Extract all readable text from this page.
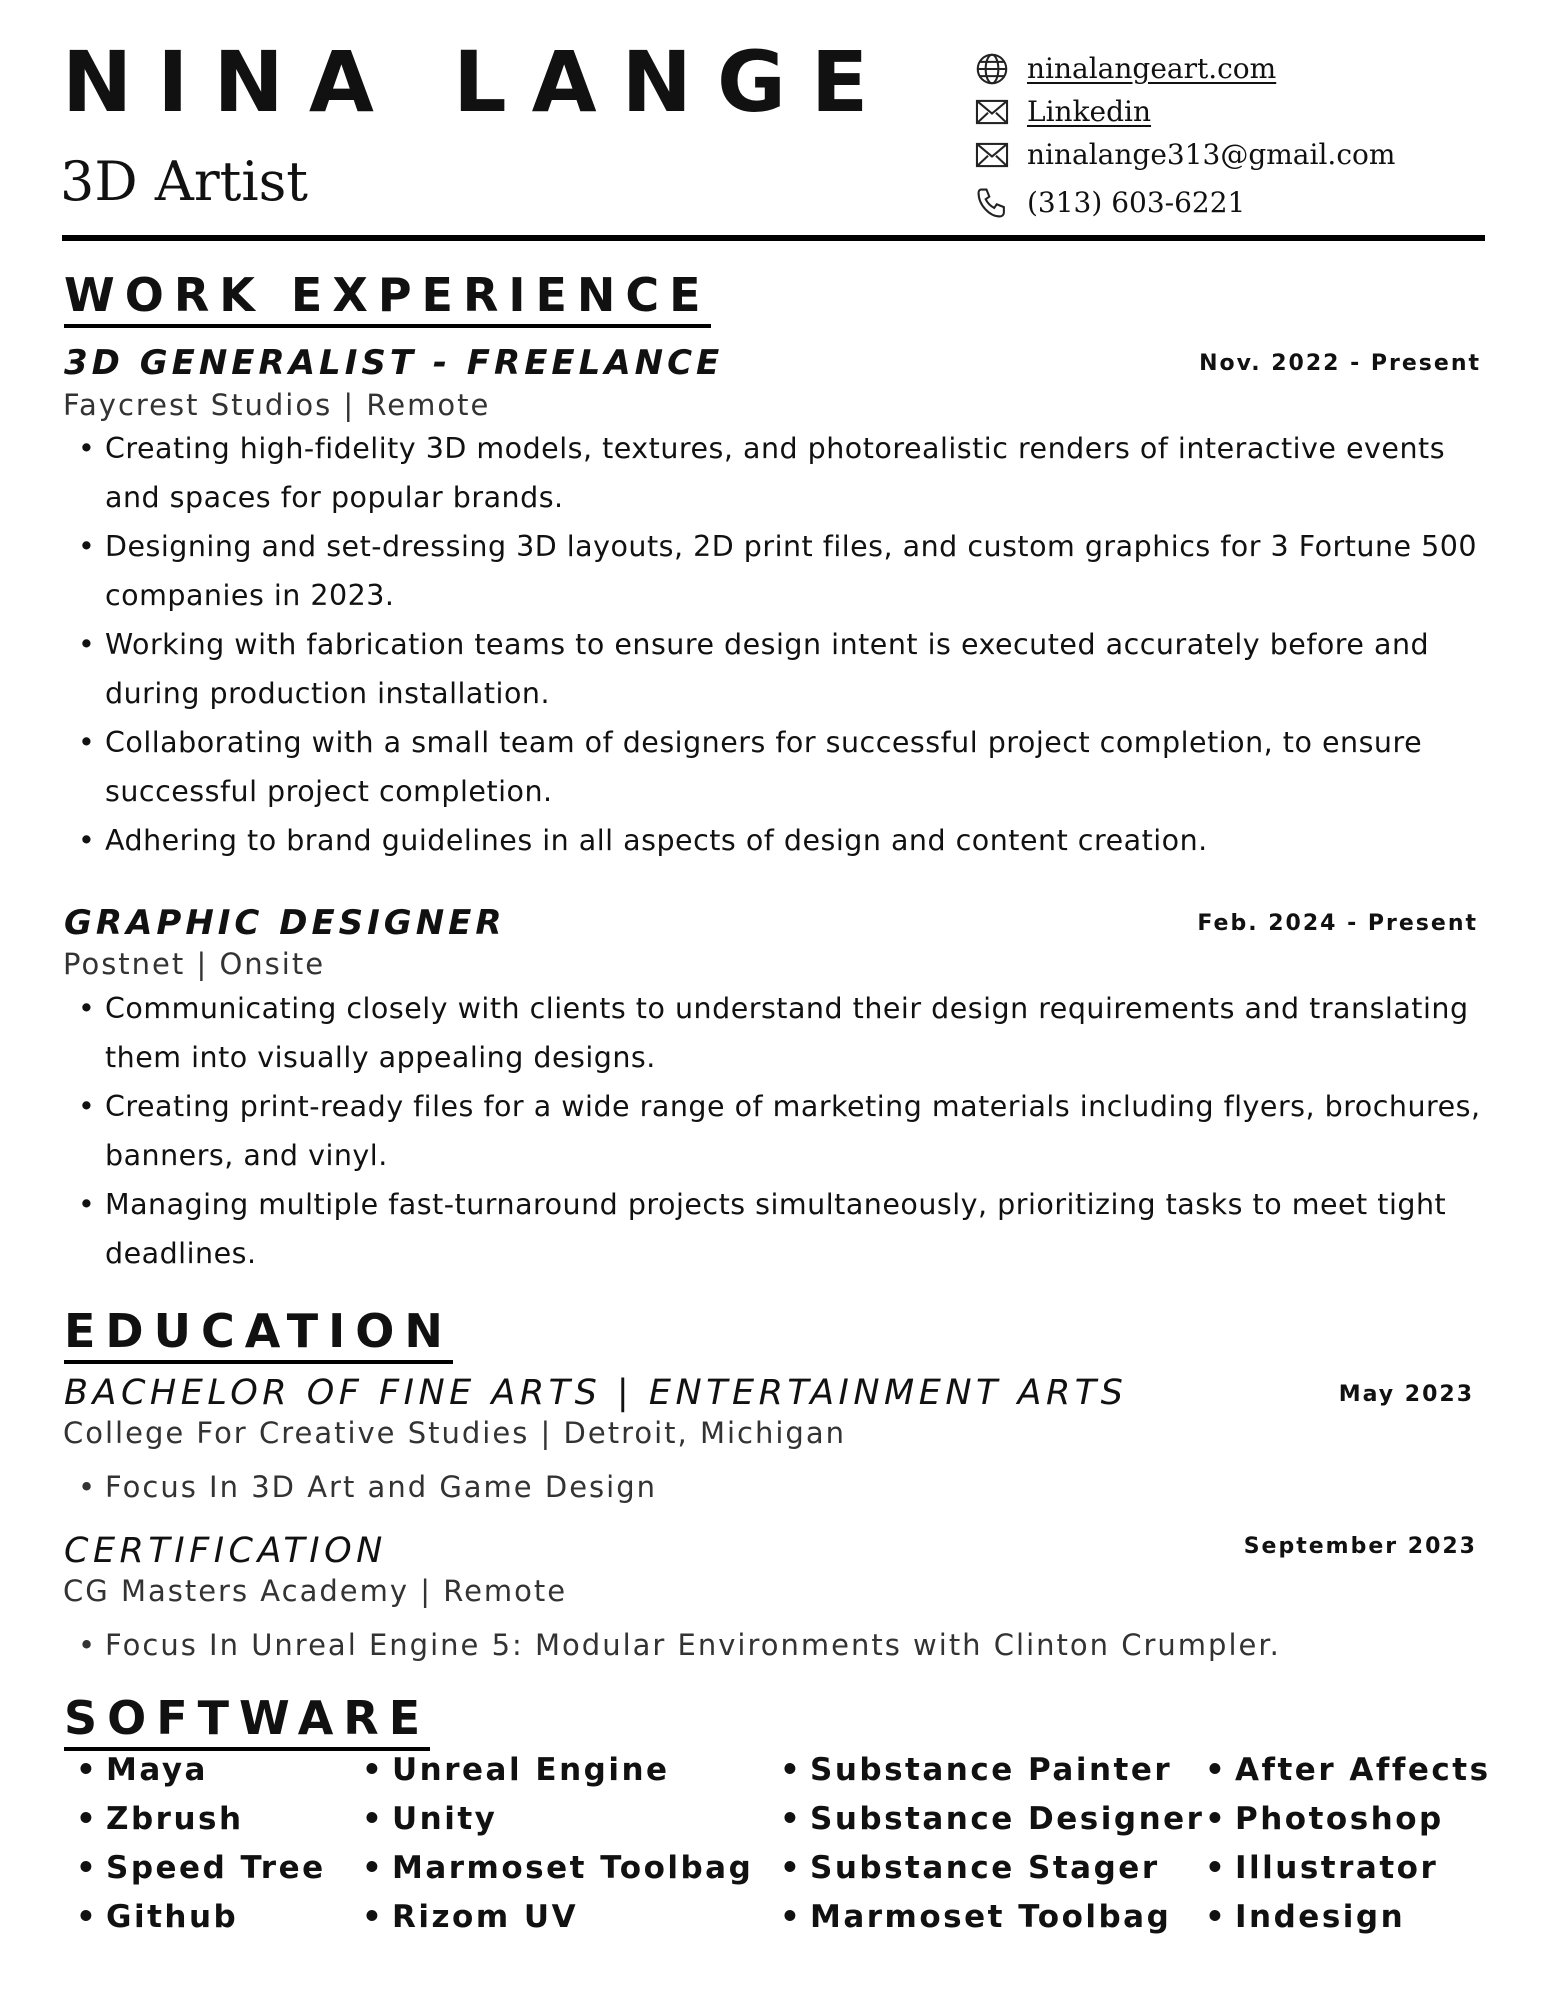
NINA LANGE
3D Artist
ninalangeart.com
Linkedin
ninalange313@gmail.com
(313) 603-6221
WORK EXPERIENCE
3D GENERALIST - FREELANCE	Nov. 2022 - Present
Faycrest Studios | Remote
• Creating high-fidelity 3D models, textures, and photorealistic renders of interactive events and spaces for popular brands.
• Designing and set-dressing 3D layouts, 2D print files, and custom graphics for 3 Fortune 500 companies in 2023.
• Working with fabrication teams to ensure design intent is executed accurately before and during production installation.
• Collaborating with a small team of designers for successful project completion, to ensure successful project completion.
• Adhering to brand guidelines in all aspects of design and content creation.
GRAPHIC DESIGNER	Feb. 2024 - Present
Postnet | Onsite
• Communicating closely with clients to understand their design requirements and translating them into visually appealing designs.
• Creating print-ready files for a wide range of marketing materials including flyers, brochures, banners, and vinyl.
• Managing multiple fast-turnaround projects simultaneously, prioritizing tasks to meet tight deadlines.
EDUCATION
BACHELOR OF FINE ARTS | ENTERTAINMENT ARTS	May 2023
College For Creative Studies | Detroit, Michigan
• Focus In 3D Art and Game Design
CERTIFICATION	September 2023
CG Masters Academy | Remote
• Focus In Unreal Engine 5: Modular Environments with Clinton Crumpler.
SOFTWARE
• Maya
• Zbrush
• Speed Tree
• Github
• Unreal Engine
• Unity
• Marmoset Toolbag
• Rizom UV
• Substance Painter
• Substance Designer
• Substance Stager
• Marmoset Toolbag
• After Affects
• Photoshop
• Illustrator
• Indesign
